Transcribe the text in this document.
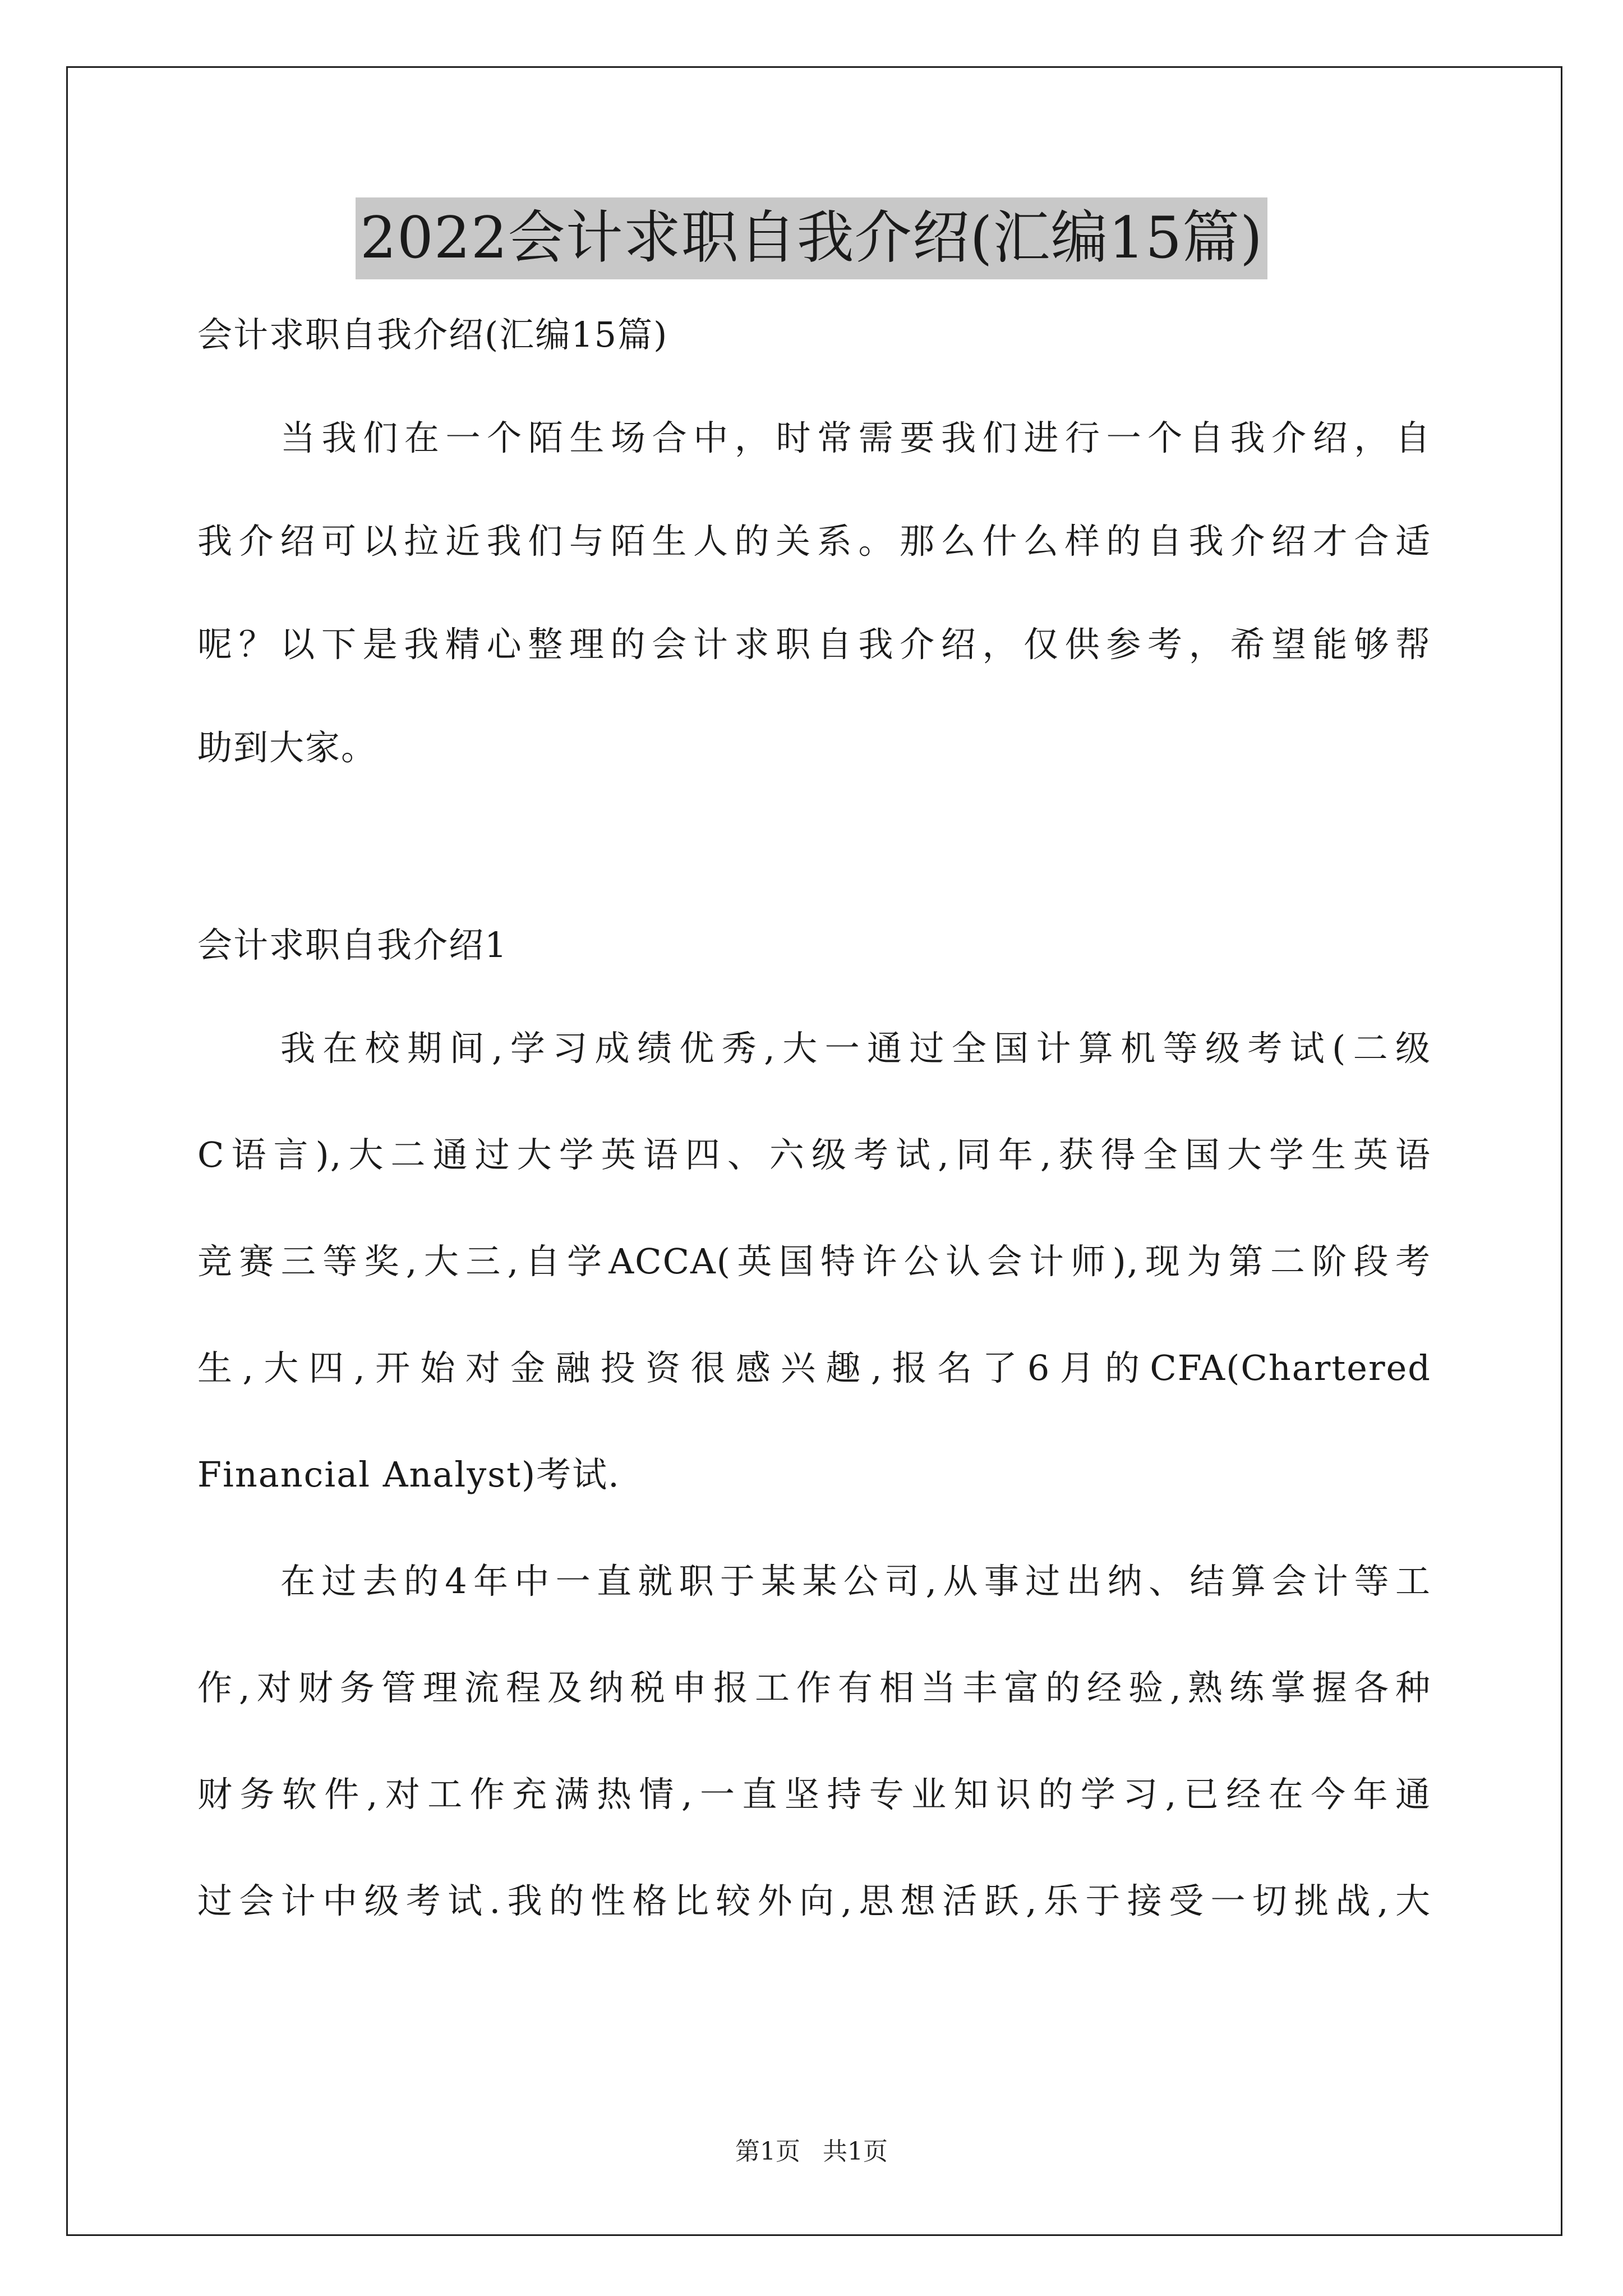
2022会计求职自我介绍(汇编15篇)
会计求职自我介绍(汇编15篇)
当我们在一个陌生场合中，时常需要我们进行一个自我介绍，自
我介绍可以拉近我们与陌生人的关系。那么什么样的自我介绍才合适
呢？以下是我精心整理的会计求职自我介绍，仅供参考，希望能够帮
助到大家。
会计求职自我介绍1
我在校期间,学习成绩优秀,大一通过全国计算机等级考试(二级
C语言),大二通过大学英语四、六级考试,同年,获得全国大学生英语
竞赛三等奖,大三,自学ACCA(英国特许公认会计师),现为第二阶段考
生,大四,开始对金融投资很感兴趣,报名了6月的CFA(Chartered
Financial Analyst)考试.
在过去的4年中一直就职于某某公司,从事过出纳、结算会计等工
作,对财务管理流程及纳税申报工作有相当丰富的经验,熟练掌握各种
财务软件,对工作充满热情,一直坚持专业知识的学习,已经在今年通
过会计中级考试.我的性格比较外向,思想活跃,乐于接受一切挑战,大
第1页 共1页
